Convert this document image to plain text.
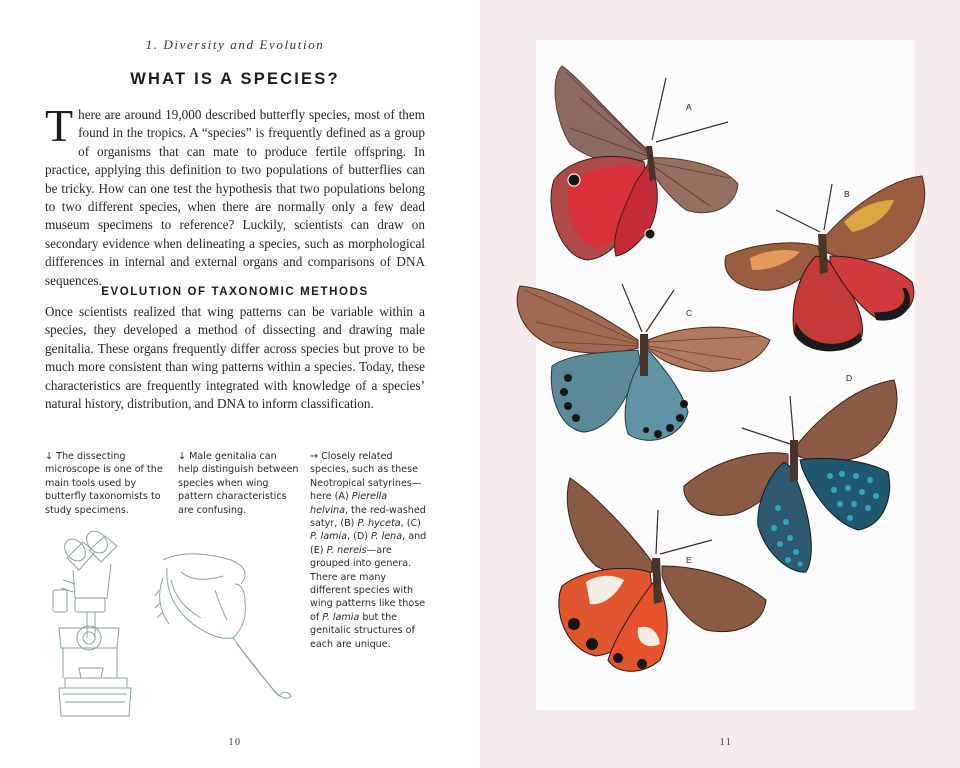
1. Diversity and Evolution
WHAT IS A SPECIES?

There are around 19,000 described butterfly species, most of them found in the tropics. A “species” is frequently defined as a group of organisms that can mate to produce fertile offspring. In practice, applying this definition to two populations of butterflies can be tricky. How can one test the hypothesis that two populations belong to two different species, when there are normally only a few dead museum specimens to reference? Luckily, scientists can draw on secondary evidence when delineating a species, such as morphological differences in internal and external organs and comparisons of DNA sequences.

EVOLUTION OF TAXONOMIC METHODS

Once scientists realized that wing patterns can be variable within a species, they developed a method of dissecting and drawing male genitalia. These organs frequently differ across species but prove to be much more consistent than wing patterns within a species. Today, these characteristics are frequently integrated with knowledge of a species’ natural history, distribution, and DNA to inform classification.

↓ The dissecting microscope is one of the main tools used by butterfly taxonomists to study specimens.
↓ Male genitalia can help distinguish between species when wing pattern characteristics are confusing.
→ Closely related species, such as these Neotropical satyrines—here (A) Pierella helvina, the red-washed satyr, (B) P. hyceta, (C) P. lamia, (D) P. lena, and (E) P. nereis—are grouped into genera. There are many different species with wing patterns like those of P. lamia but the genitalic structures of each are unique.
10
A
B
C
D
E
11
